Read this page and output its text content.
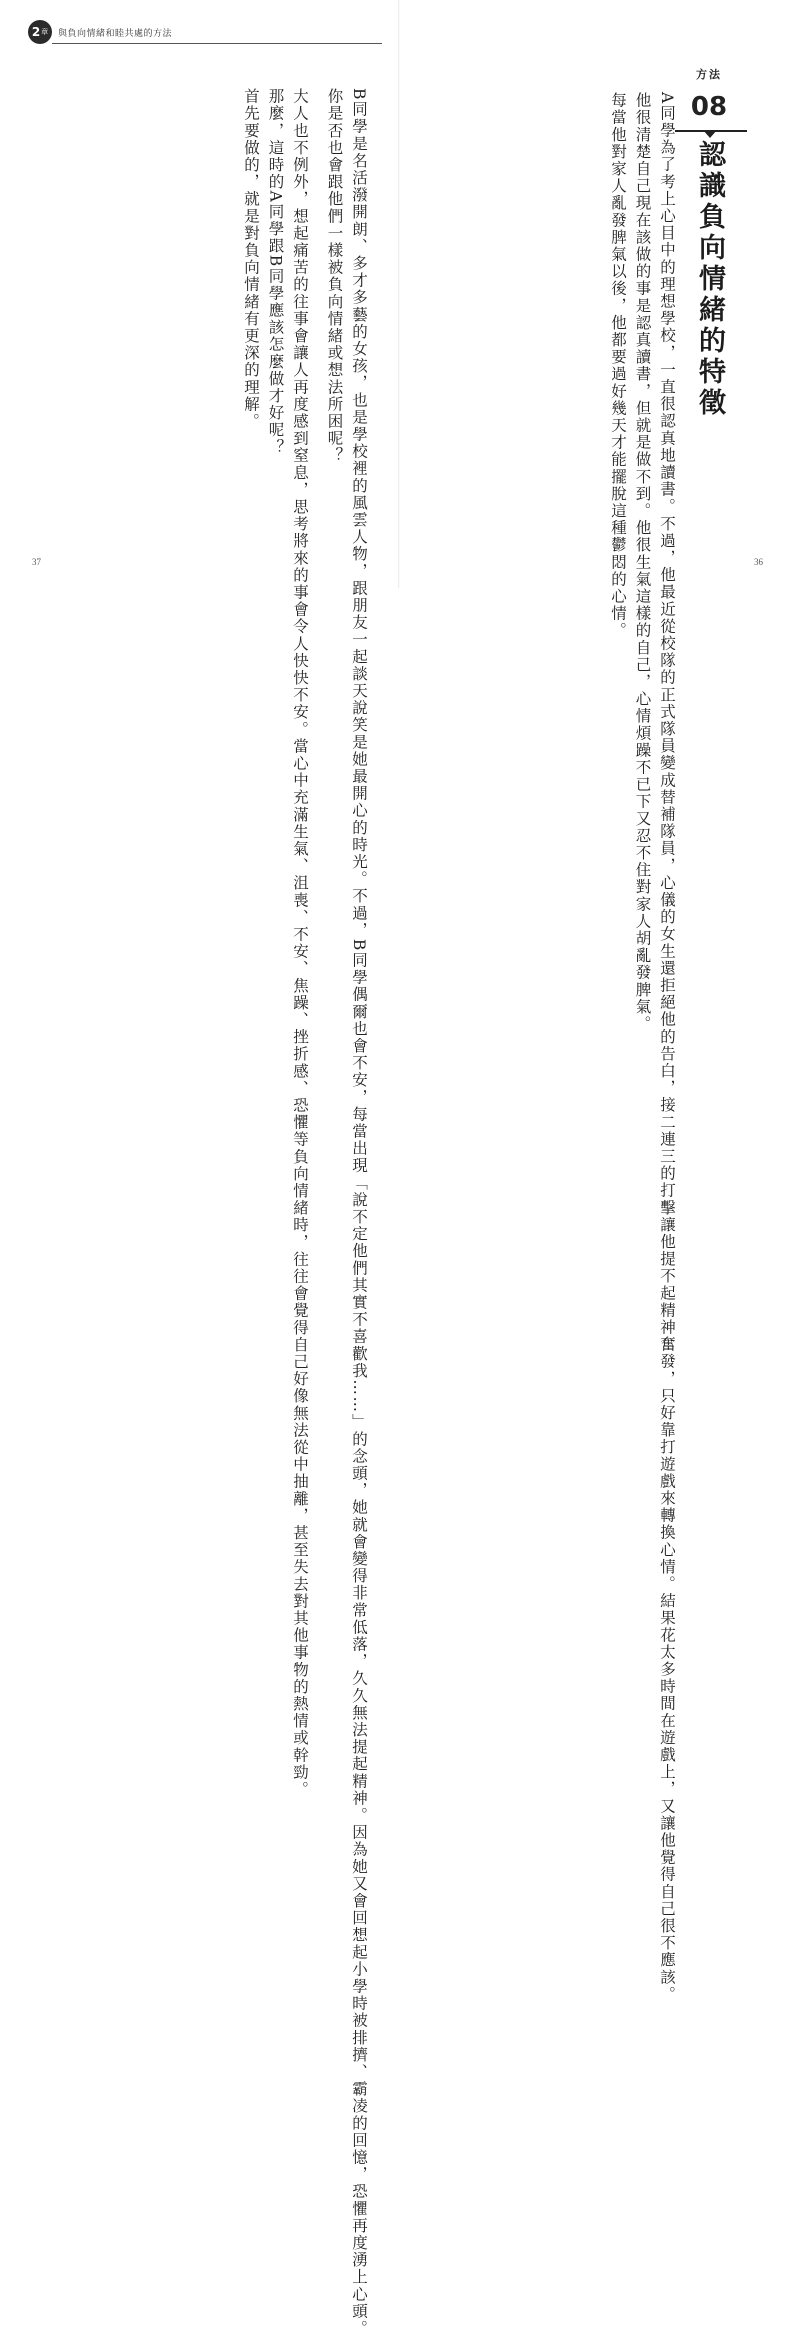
2 章 與負向情緒和睦共處的方法

B同學是名活潑開朗、多才多藝的女孩，也是學校裡的風雲人物，跟朋友一起談天說笑是她最開心的時光。不過，B同學偶爾也會不安，每當出現「說不定他們其實不喜歡我……」的念頭，她就會變得非常低落，久久無法提起精神。因為她又會回想起小學時被排擠、霸凌的回憶，恐懼再度湧上心頭。

你是否也會跟他們一樣被負向情緒或想法所困呢？

大人也不例外，想起痛苦的往事會讓人再度感到窒息，思考將來的事會令人快快不安。當心中充滿生氣、沮喪、不安、焦躁、挫折感、恐懼等負向情緒時，往往會覺得自己好像無法從中抽離，甚至失去對其他事物的熱情或幹勁。

那麼，這時的A同學跟B同學應該怎麼做才好呢？

首先要做的，就是對負向情緒有更深的理解。

方法
08
認識負向情緒的特徵

A同學為了考上心目中的理想學校，一直很認真地讀書。不過，他最近從校隊的正式隊員變成替補隊員，心儀的女生還拒絕他的告白，接二連三的打擊讓他提不起精神奮發，只好靠打遊戲來轉換心情。結果花太多時間在遊戲上，又讓他覺得自己很不應該。

他很清楚自己現在該做的事是認真讀書，但就是做不到。他很生氣這樣的自己，心情煩躁不已下又忍不住對家人胡亂發脾氣。

每當他對家人亂發脾氣以後，他都要過好幾天才能擺脫這種鬱悶的心情。

37	36
